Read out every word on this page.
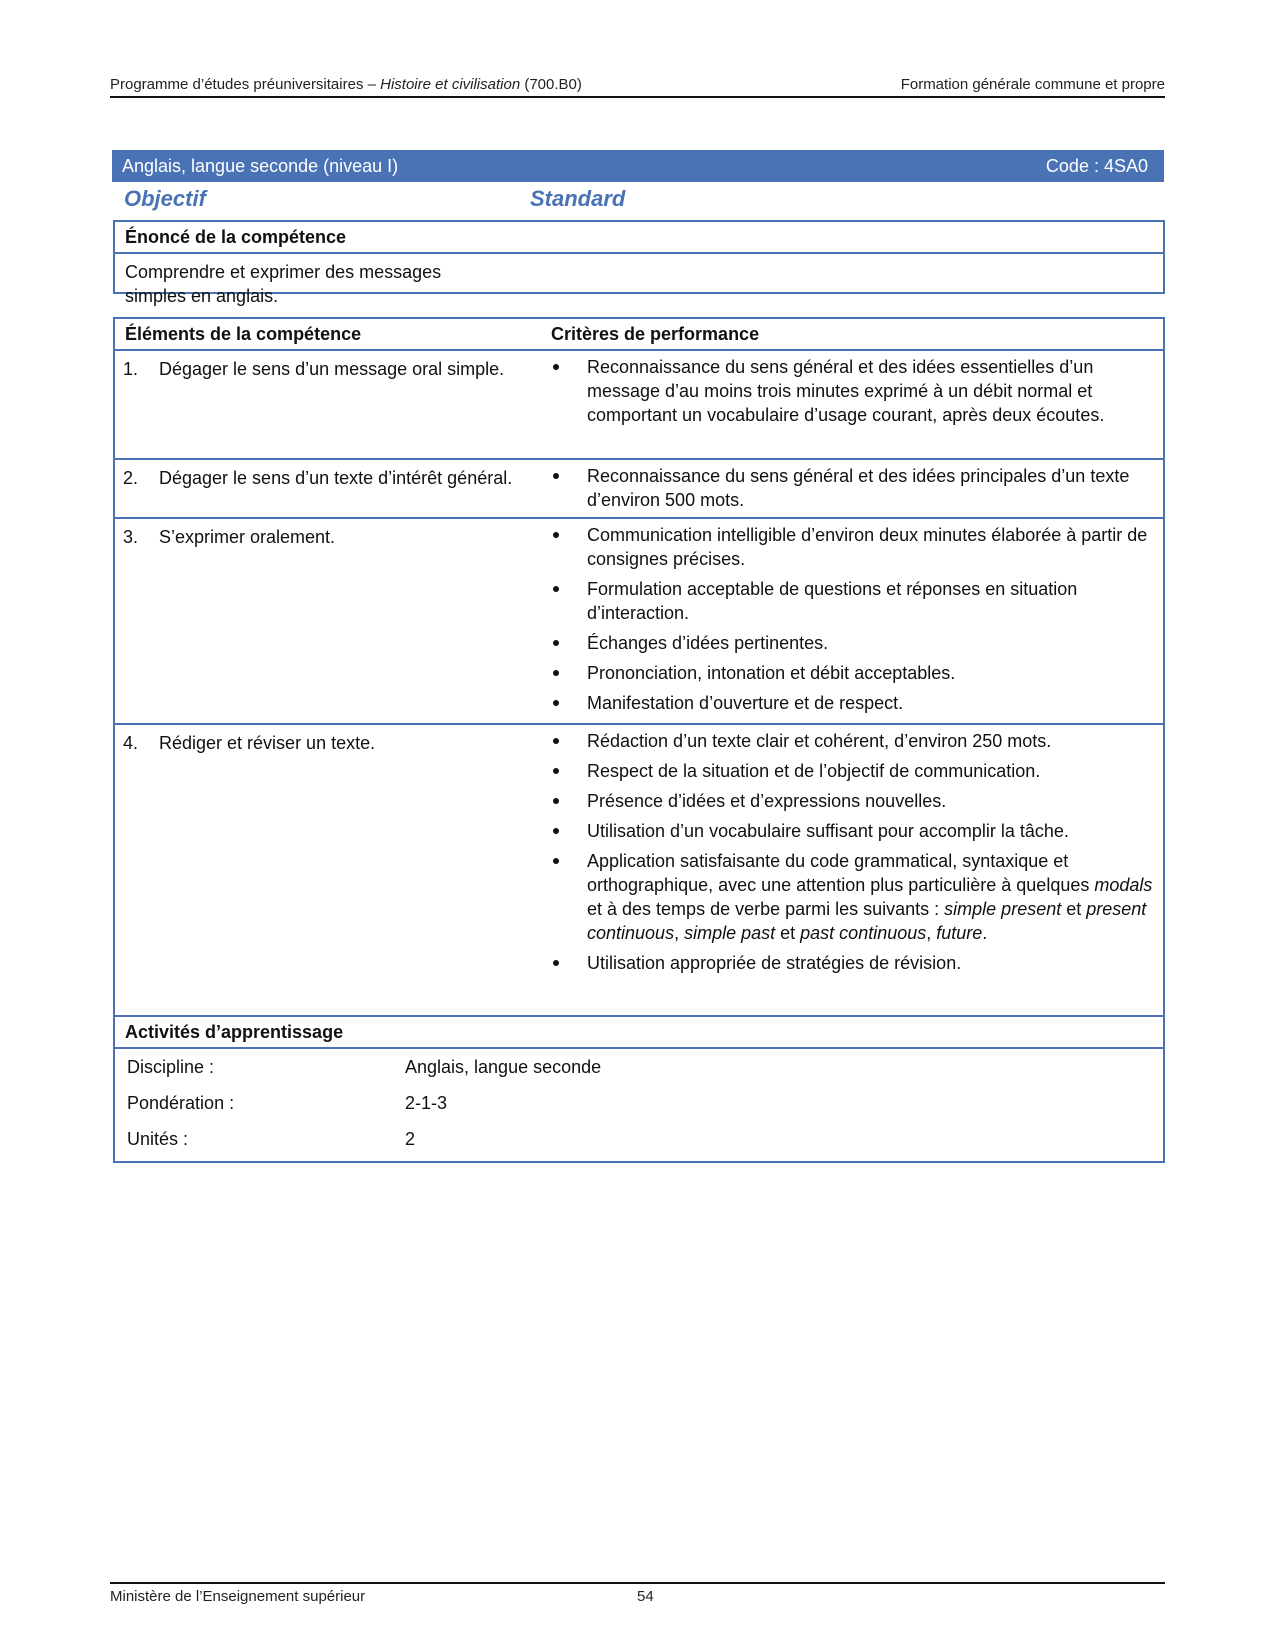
Programme d’études préuniversitaires – Histoire et civilisation (700.B0)	Formation générale commune et propre
Anglais, langue seconde (niveau I)	Code : 4SA0
Objectif	Standard
Énoncé de la compétence
Comprendre et exprimer des messages simples en anglais.
Éléments de la compétence	Critères de performance
1. Dégager le sens d’un message oral simple.	Reconnaissance du sens général et des idées essentielles d’un message d’au moins trois minutes exprimé à un débit normal et comportant un vocabulaire d’usage courant, après deux écoutes.
2. Dégager le sens d’un texte d’intérêt général.	Reconnaissance du sens général et des idées principales d’un texte d’environ 500 mots.
3. S’exprimer oralement.	Communication intelligible d’environ deux minutes élaborée à partir de consignes précises.
Formulation acceptable de questions et réponses en situation d’interaction.
Échanges d’idées pertinentes.
Prononciation, intonation et débit acceptables.
Manifestation d’ouverture et de respect.
4. Rédiger et réviser un texte.	Rédaction d’un texte clair et cohérent, d’environ 250 mots.
Respect de la situation et de l’objectif de communication.
Présence d’idées et d’expressions nouvelles.
Utilisation d’un vocabulaire suffisant pour accomplir la tâche.
Application satisfaisante du code grammatical, syntaxique et orthographique, avec une attention plus particulière à quelques modals et à des temps de verbe parmi les suivants : simple present et present continuous, simple past et past continuous, future.
Utilisation appropriée de stratégies de révision.
Activités d’apprentissage
Discipline :	Anglais, langue seconde
Pondération :	2-1-3
Unités :	2
Ministère de l’Enseignement supérieur	54
